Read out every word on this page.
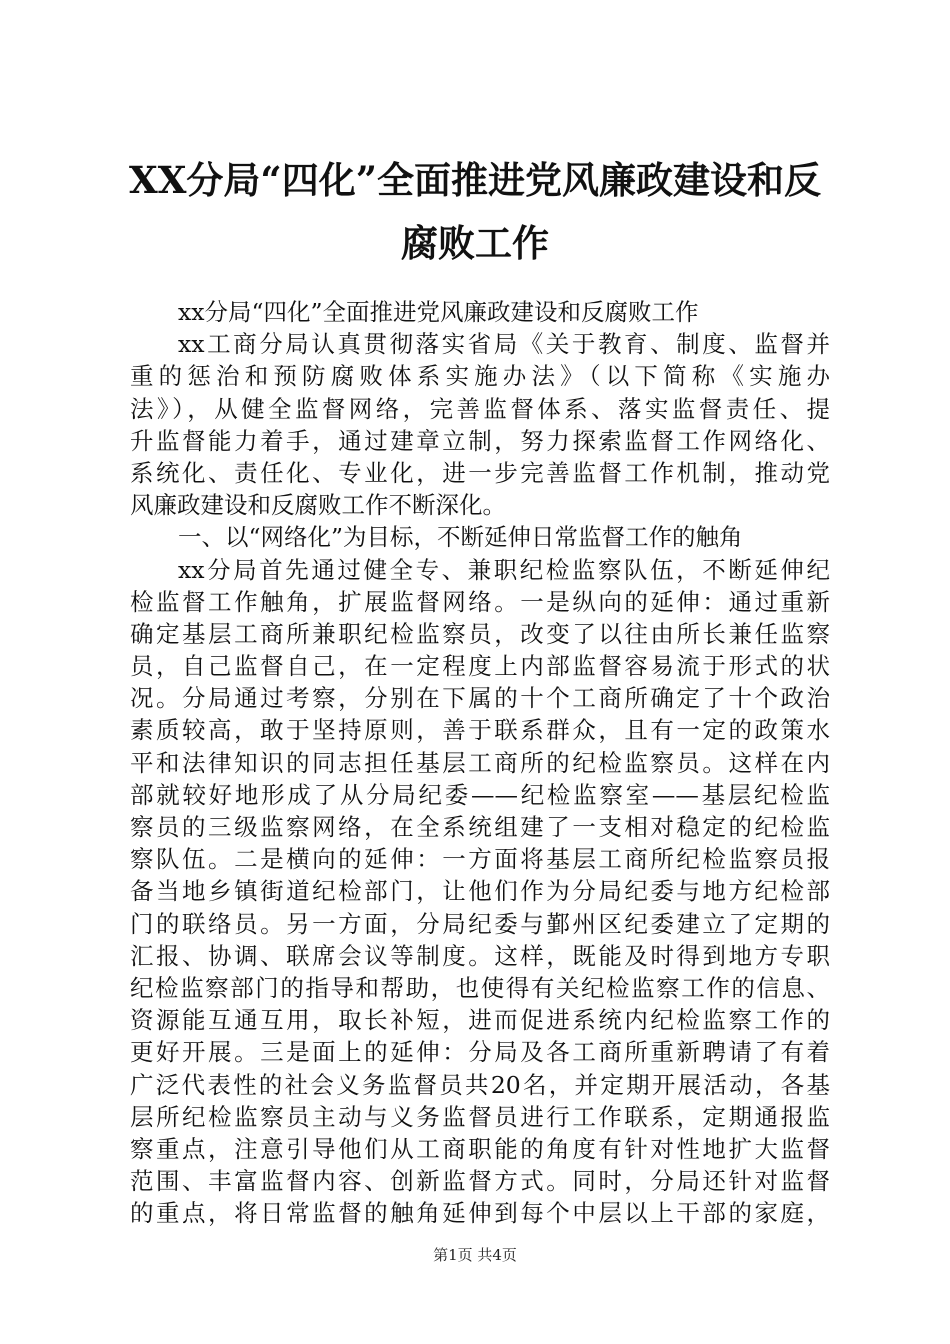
XX分局“四化”全面推进党风廉政建设和反
腐败工作
xx分局“四化”全面推进党风廉政建设和反腐败工作
xx工商分局认真贯彻落实省局《关于教育、制度、监督并
重的惩治和预防腐败体系实施办法》（以下简称《实施办
法》），从健全监督网络，完善监督体系、落实监督责任、提
升监督能力着手，通过建章立制，努力探索监督工作网络化、
系统化、责任化、专业化，进一步完善监督工作机制，推动党
风廉政建设和反腐败工作不断深化。
一、以“网络化”为目标，不断延伸日常监督工作的触角
xx分局首先通过健全专、兼职纪检监察队伍，不断延伸纪
检监督工作触角，扩展监督网络。一是纵向的延伸：通过重新
确定基层工商所兼职纪检监察员，改变了以往由所长兼任监察
员，自己监督自己，在一定程度上内部监督容易流于形式的状
况。分局通过考察，分别在下属的十个工商所确定了十个政治
素质较高，敢于坚持原则，善于联系群众，且有一定的政策水
平和法律知识的同志担任基层工商所的纪检监察员。这样在内
部就较好地形成了从分局纪委——纪检监察室——基层纪检监
察员的三级监察网络，在全系统组建了一支相对稳定的纪检监
察队伍。二是横向的延伸：一方面将基层工商所纪检监察员报
备当地乡镇街道纪检部门，让他们作为分局纪委与地方纪检部
门的联络员。另一方面，分局纪委与鄞州区纪委建立了定期的
汇报、协调、联席会议等制度。这样，既能及时得到地方专职
纪检监察部门的指导和帮助，也使得有关纪检监察工作的信息、
资源能互通互用，取长补短，进而促进系统内纪检监察工作的
更好开展。三是面上的延伸：分局及各工商所重新聘请了有着
广泛代表性的社会义务监督员共20名，并定期开展活动，各基
层所纪检监察员主动与义务监督员进行工作联系，定期通报监
察重点，注意引导他们从工商职能的角度有针对性地扩大监督
范围、丰富监督内容、创新监督方式。同时，分局还针对监督
的重点，将日常监督的触角延伸到每个中层以上干部的家庭，
第1页 共4页
